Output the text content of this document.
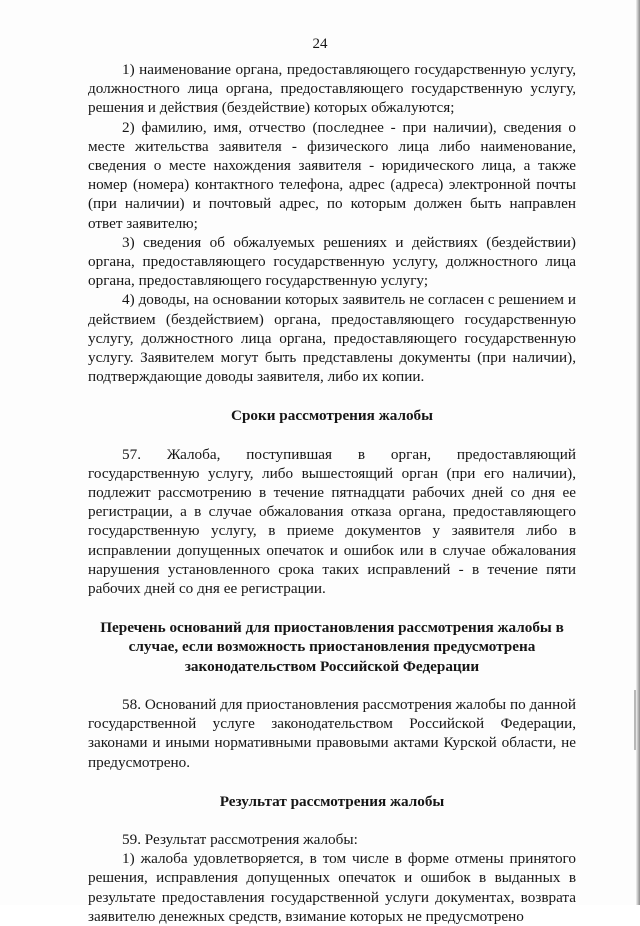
24

1) наименование органа, предоставляющего государственную услугу, должностного лица органа, предоставляющего государственную услугу, решения и действия (бездействие) которых обжалуются;

2) фамилию, имя, отчество (последнее - при наличии), сведения о месте жительства заявителя - физического лица либо наименование, сведения о месте нахождения заявителя - юридического лица, а также номер (номера) контактного телефона, адрес (адреса) электронной почты (при наличии) и почтовый адрес, по которым должен быть направлен ответ заявителю;

3) сведения об обжалуемых решениях и действиях (бездействии) органа, предоставляющего государственную услугу, должностного лица органа, предоставляющего государственную услугу;

4) доводы, на основании которых заявитель не согласен с решением и действием (бездействием) органа, предоставляющего государственную услугу, должностного лица органа, предоставляющего государственную услугу. Заявителем могут быть представлены документы (при наличии), подтверждающие доводы заявителя, либо их копии.

Сроки рассмотрения жалобы

57. Жалоба, поступившая в орган, предоставляющий государственную услугу, либо вышестоящий орган (при его наличии), подлежит рассмотрению в течение пятнадцати рабочих дней со дня ее регистрации, а в случае обжалования отказа органа, предоставляющего государственную услугу, в приеме документов у заявителя либо в исправлении допущенных опечаток и ошибок или в случае обжалования нарушения установленного срока таких исправлений - в течение пяти рабочих дней со дня ее регистрации.

Перечень оснований для приостановления рассмотрения жалобы в
случае, если возможность приостановления предусмотрена
законодательством Российской Федерации

58. Оснований для приостановления рассмотрения жалобы по данной государственной услуге законодательством Российской Федерации, законами и иными нормативными правовыми актами Курской области, не предусмотрено.

Результат рассмотрения жалобы

59. Результат рассмотрения жалобы:

1) жалоба удовлетворяется, в том числе в форме отмены принятого решения, исправления допущенных опечаток и ошибок в выданных в результате предоставления государственной услуги документах, возврата заявителю денежных средств, взимание которых не предусмотрено
